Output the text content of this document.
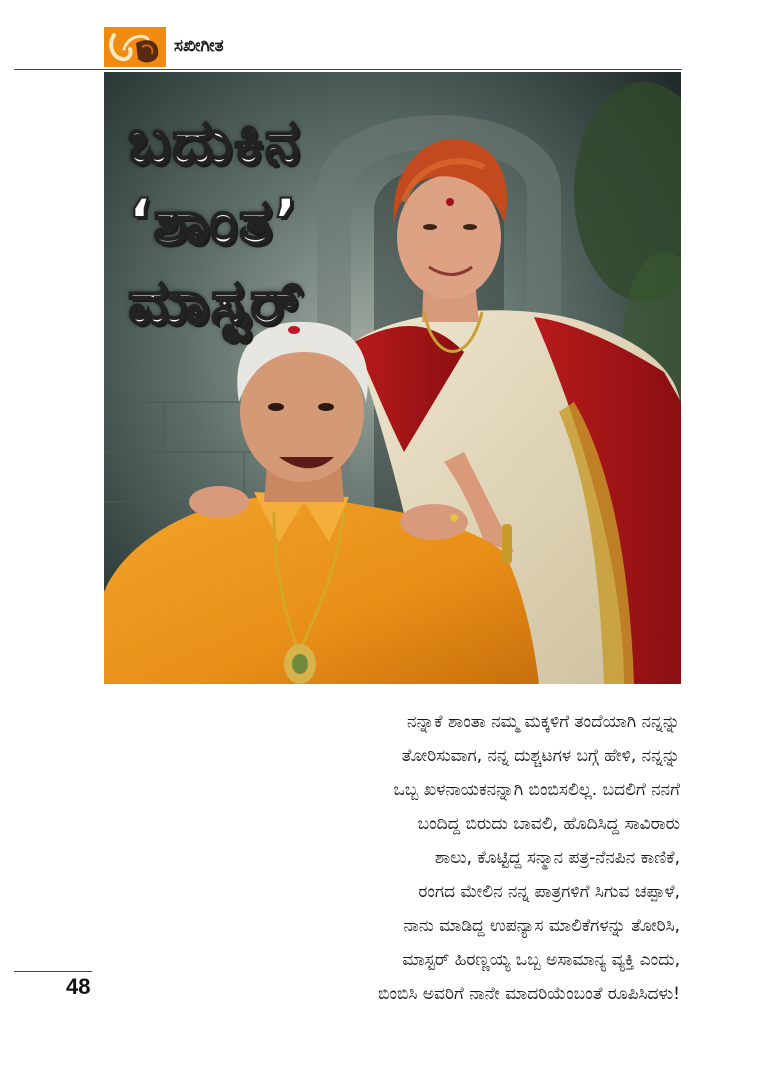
ಸಖೀಗೀತ
ಬದುಕಿನ
‘ಶಾಂತ’
ಮಾಸ್ಟರ್

ನನ್ನಾಕೆ ಶಾಂತಾ ನಮ್ಮ ಮಕ್ಕಳಿಗೆ ತಂದೆಯಾಗಿ ನನ್ನನ್ನು
ತೋರಿಸುವಾಗ, ನನ್ನ ದುಶ್ಚಟಗಳ ಬಗ್ಗೆ ಹೇಳಿ, ನನ್ನನ್ನು
ಒಬ್ಬ ಖಳನಾಯಕನನ್ನಾಗಿ ಬಿಂಬಿಸಲಿಲ್ಲ. ಬದಲಿಗೆ ನನಗೆ
ಬಂದಿದ್ದ ಬಿರುದು ಬಾವಲಿ, ಹೊದಿಸಿದ್ದ ಸಾವಿರಾರು
ಶಾಲು, ಕೊಟ್ಟಿದ್ದ ಸನ್ಮಾನ ಪತ್ರ-ನೆನಪಿನ ಕಾಣಿಕೆ,
ರಂಗದ ಮೇಲಿನ ನನ್ನ ಪಾತ್ರಗಳಿಗೆ ಸಿಗುವ ಚಪ್ಪಾಳೆ,
ನಾನು ಮಾಡಿದ್ದ ಉಪನ್ಯಾಸ ಮಾಲಿಕೆಗಳನ್ನು ತೋರಿಸಿ,
ಮಾಸ್ಟರ್ ಹಿರಣ್ಣಯ್ಯ ಒಬ್ಬ ಅಸಾಮಾನ್ಯ ವ್ಯಕ್ತಿ ಎಂದು,
ಬಿಂಬಿಸಿ ಅವರಿಗೆ ನಾನೇ ಮಾದರಿಯೆಂಬಂತೆ ರೂಪಿಸಿದಳು!

48
